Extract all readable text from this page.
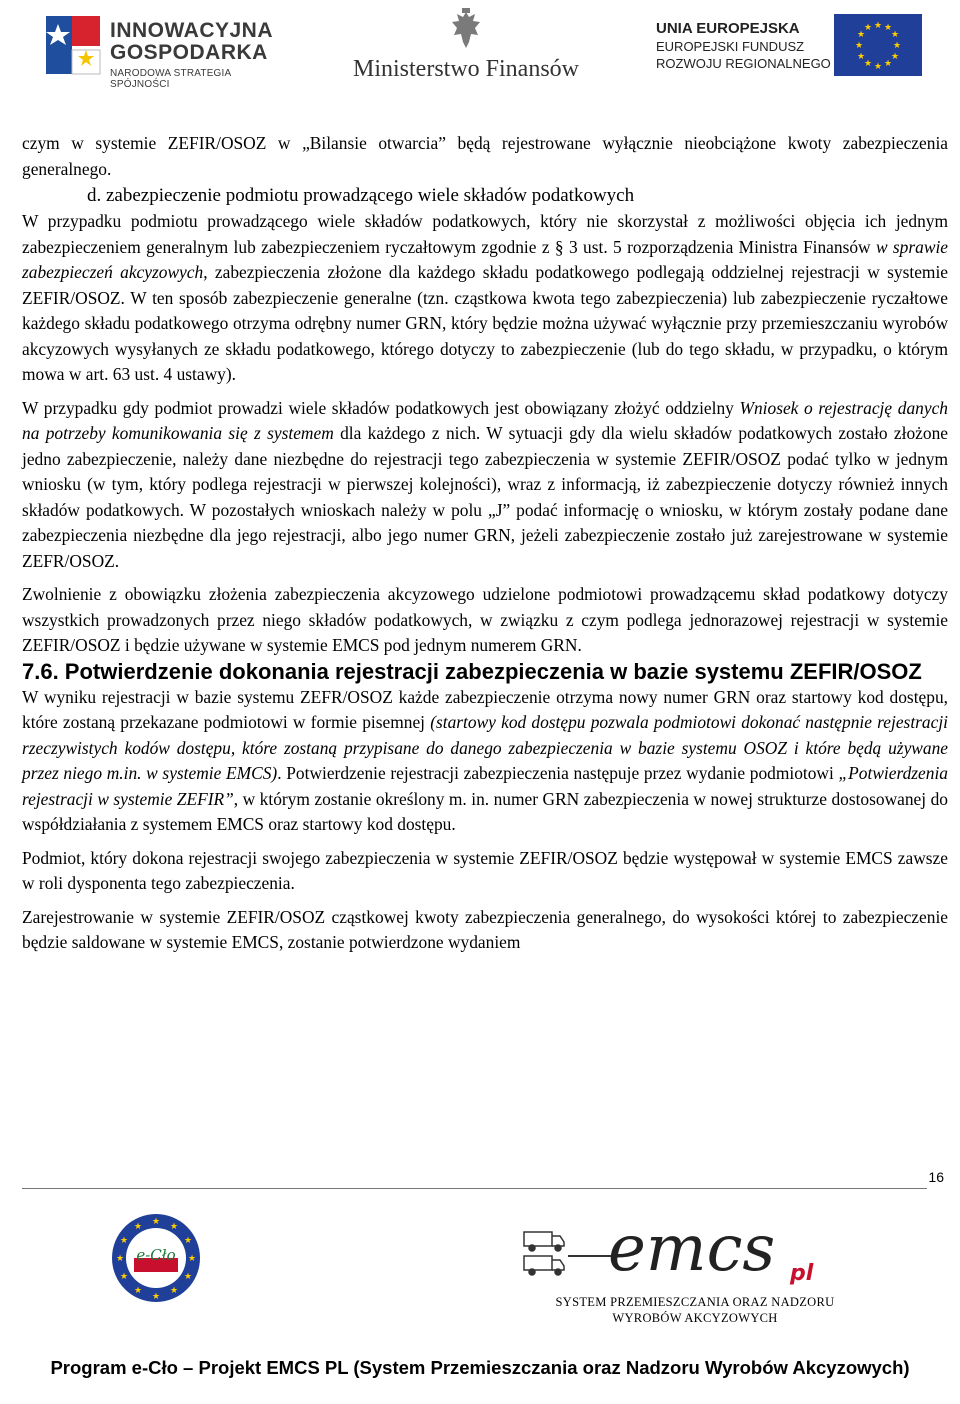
INNOWACYJNA
GOSPODARKA
NARODOWA STRATEGIA SPÓJNOŚCI
Ministerstwo Finansów
UNIA EUROPEJSKA
EUROPEJSKI FUNDUSZ
ROZWOJU REGIONALNEGO
★ ★
★
★
★
★
★
★
★
★
★
★

czym w systemie ZEFIR/OSOZ w „Bilansie otwarcia” będą rejestrowane wyłącznie nieobciążone kwoty zabezpieczenia generalnego.

d. zabezpieczenie podmiotu prowadzącego wiele składów podatkowych

W przypadku podmiotu prowadzącego wiele składów podatkowych, który nie skorzystał z możliwości objęcia ich jednym zabezpieczeniem generalnym lub zabezpieczeniem ryczałtowym zgodnie z § 3 ust. 5 rozporządzenia Ministra Finansów w sprawie zabezpieczeń akcyzowych, zabezpieczenia złożone dla każdego składu podatkowego podlegają oddzielnej rejestracji w systemie ZEFIR/OSOZ. W ten sposób zabezpieczenie generalne (tzn. cząstkowa kwota tego zabezpieczenia) lub zabezpieczenie ryczałtowe każdego składu podatkowego otrzyma odrębny numer GRN, który będzie można używać wyłącznie przy przemieszczaniu wyrobów akcyzowych wysyłanych ze składu podatkowego, którego dotyczy to zabezpieczenie (lub do tego składu, w przypadku, o którym mowa w art. 63 ust. 4 ustawy).

W przypadku gdy podmiot prowadzi wiele składów podatkowych jest obowiązany złożyć oddzielny Wniosek o rejestrację danych na potrzeby komunikowania się z systemem dla każdego z nich. W sytuacji gdy dla wielu składów podatkowych zostało złożone jedno zabezpieczenie, należy dane niezbędne do rejestracji tego zabezpieczenia w systemie ZEFIR/OSOZ podać tylko w jednym wniosku (w tym, który podlega rejestracji w pierwszej kolejności), wraz z informacją, iż zabezpieczenie dotyczy również innych składów podatkowych. W pozostałych wnioskach należy w polu „J” podać informację o wniosku, w którym zostały podane dane zabezpieczenia niezbędne dla jego rejestracji, albo jego numer GRN, jeżeli zabezpieczenie zostało już zarejestrowane w systemie ZEFR/OSOZ.

Zwolnienie z obowiązku złożenia zabezpieczenia akcyzowego udzielone podmiotowi prowadzącemu skład podatkowy dotyczy wszystkich prowadzonych przez niego składów podatkowych, w związku z czym podlega jednorazowej rejestracji w systemie ZEFIR/OSOZ i będzie używane w systemie EMCS pod jednym numerem GRN.

7.6. Potwierdzenie dokonania rejestracji zabezpieczenia w bazie systemu ZEFIR/OSOZ

W wyniku rejestracji w bazie systemu ZEFR/OSOZ każde zabezpieczenie otrzyma nowy numer GRN oraz startowy kod dostępu, które zostaną przekazane podmiotowi w formie pisemnej (startowy kod dostępu pozwala podmiotowi dokonać następnie rejestracji rzeczywistych kodów dostępu, które zostaną przypisane do danego zabezpieczenia w bazie systemu OSOZ i które będą używane przez niego m.in. w systemie EMCS). Potwierdzenie rejestracji zabezpieczenia następuje przez wydanie podmiotowi „Potwierdzenia rejestracji w systemie ZEFIR”, w którym zostanie określony m. in. numer GRN zabezpieczenia w nowej strukturze dostosowanej do współdziałania z systemem EMCS oraz startowy kod dostępu.

Podmiot, który dokona rejestracji swojego zabezpieczenia w systemie ZEFIR/OSOZ będzie występował w systemie EMCS zawsze w roli dysponenta tego zabezpieczenia.

Zarejestrowanie w systemie ZEFIR/OSOZ cząstkowej kwoty zabezpieczenia generalnego, do wysokości której to zabezpieczenie będzie saldowane w systemie EMCS, zostanie potwierdzone wydaniem

16
★ ★
★
★
★
★
★
★
★
★
★
★
e-Cło	emcs pl
SYSTEM PRZEMIESZCZANIA ORAZ NADZORU
WYROBÓW AKCYZOWYCH
Program e-Cło – Projekt EMCS PL (System Przemieszczania oraz Nadzoru Wyrobów Akcyzowych)
